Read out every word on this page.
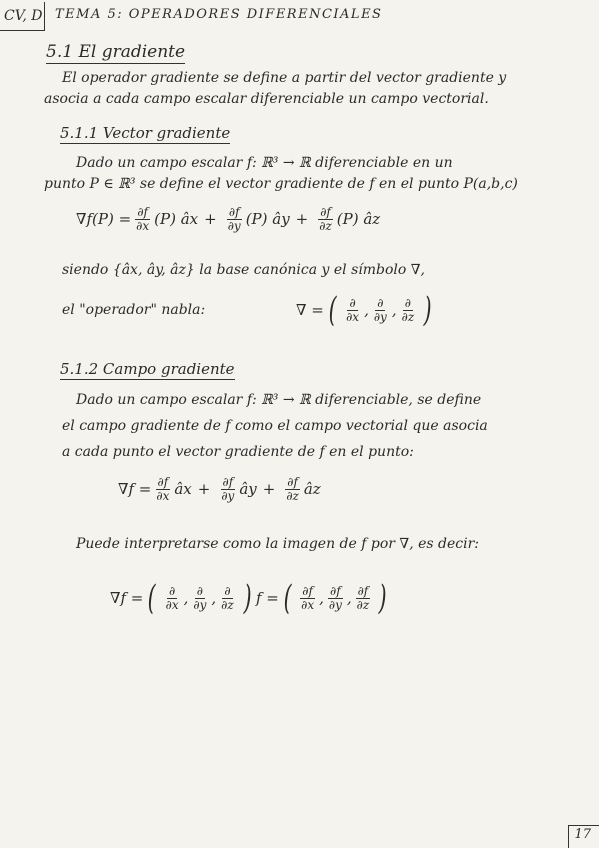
CV, D TEMA 5: OPERADORES DIFERENCIALES
5.1 El gradiente
El operador gradiente se define a partir del vector gradiente y
asocia a cada campo escalar diferenciable un campo vectorial.
5.1.1 Vector gradiente
Dado un campo escalar f: ℝ³ → ℝ diferenciable en un
punto P ∈ ℝ³ se define el vector gradiente de f en el punto P(a,b,c)
$\nabla f(P) = \frac{\partial f}{\partial x} (P)$ âx + $\frac{\partial f}{\partial y} (P)$ ây + $\frac{\partial f}{\partial z} (P)$ âz
siendo {âx, ây, âz} la base canónica y el símbolo ∇,
el "operador" nabla:	∇ = ( $\frac{\partial}{\partial x}$ , $\frac{\partial}{\partial y}$ , $\frac{\partial}{\partial z}$ )
5.1.2 Campo gradiente
Dado un campo escalar f: ℝ³ → ℝ diferenciable, se define
el campo gradiente de f como el campo vectorial que asocia
a cada punto el vector gradiente de f en el punto:
$\nabla f = \frac{\partial f}{\partial x}$ âx + $\frac{\partial f}{\partial y}$ ây + $\frac{\partial f}{\partial z}$ âz
Puede interpretarse como la imagen de f por ∇, es decir:
∇f = ( $\frac{\partial}{\partial x}$ , $\frac{\partial}{\partial y}$ , $\frac{\partial}{\partial z}$ ) f = ( $\frac{\partial f}{\partial x}$ , $\frac{\partial f}{\partial y}$ , $\frac{\partial f}{\partial z}$ )
17
